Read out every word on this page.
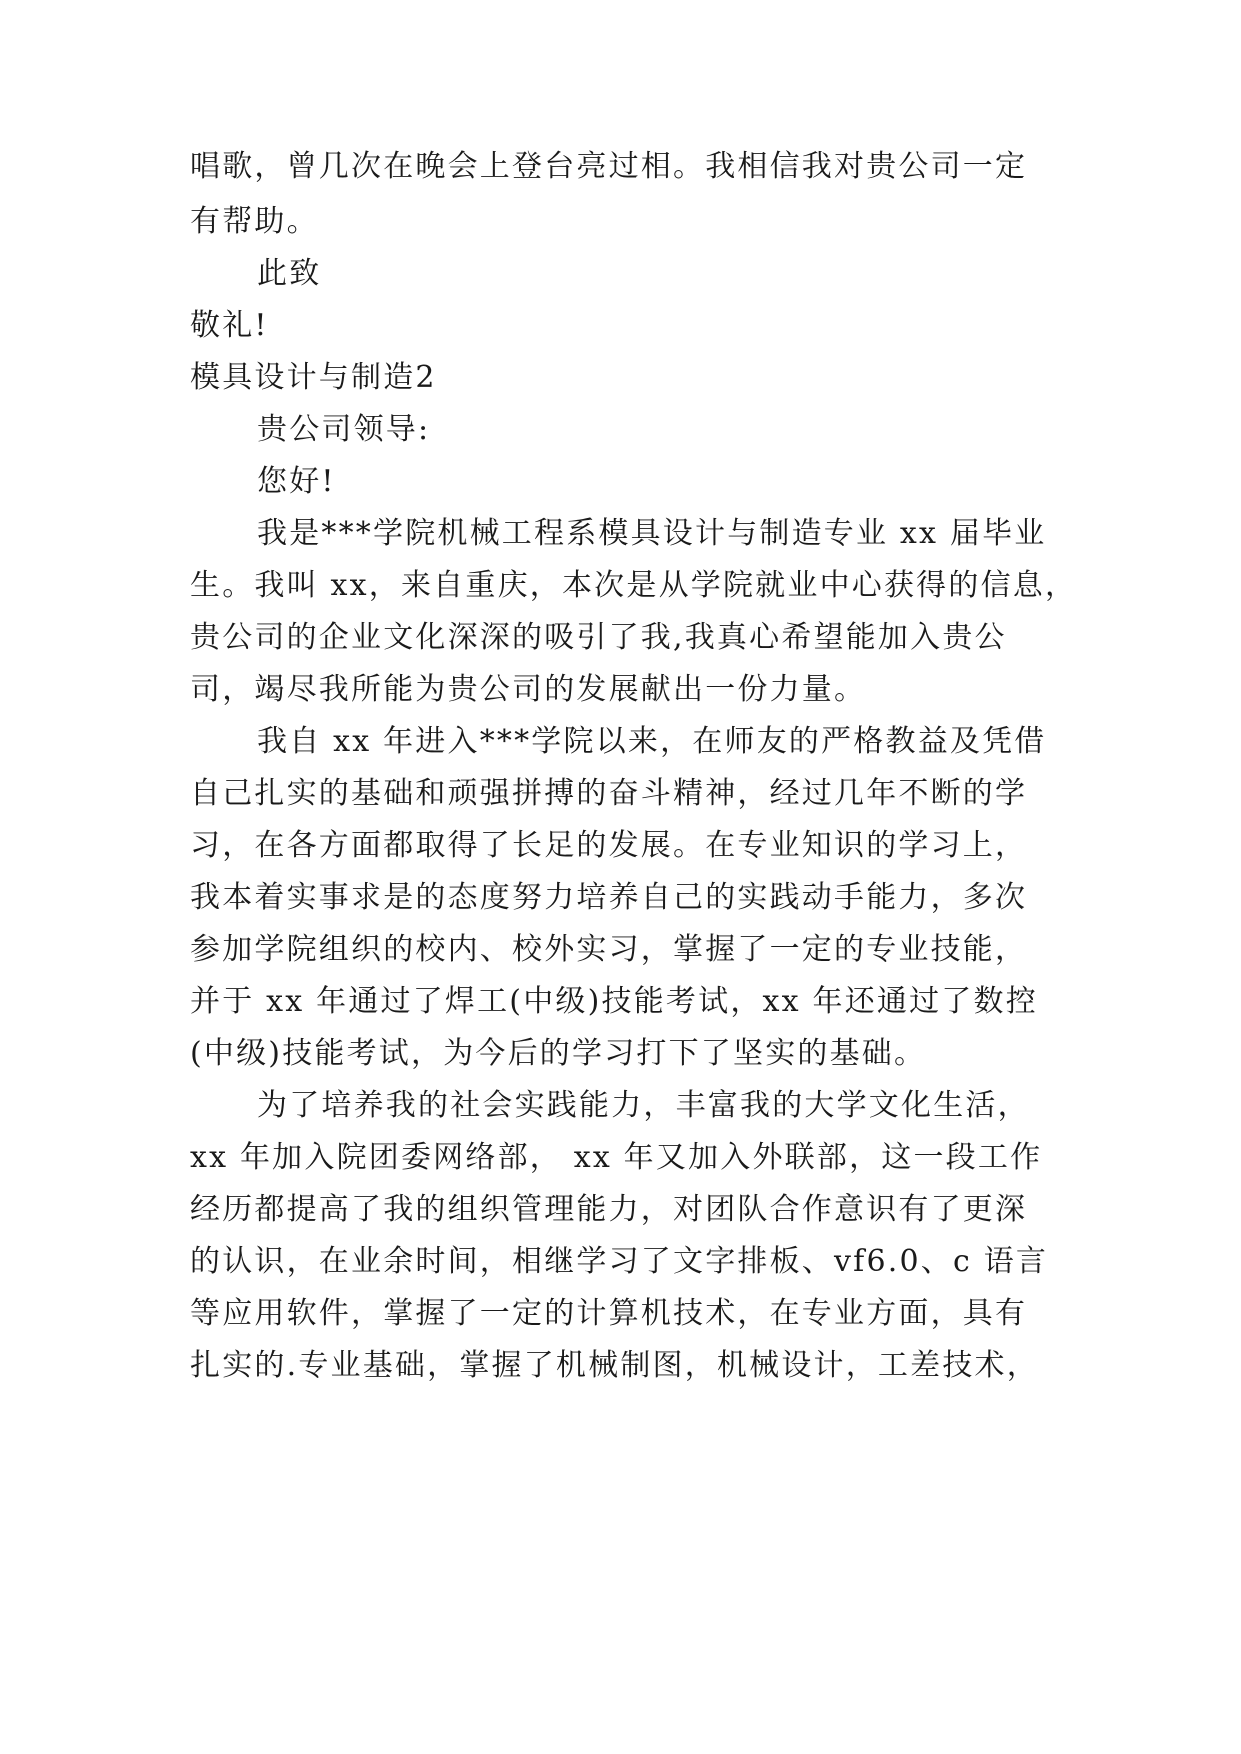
唱歌，曾几次在晚会上登台亮过相。我相信我对贵公司一定
有帮助。
此致
敬礼!
模具设计与制造2
贵公司领导:
您好!
我是***学院机械工程系模具设计与制造专业 xx 届毕业
生。我叫 xx，来自重庆，本次是从学院就业中心获得的信息，
贵公司的企业文化深深的吸引了我,我真心希望能加入贵公
司，竭尽我所能为贵公司的发展献出一份力量。
我自 xx 年进入***学院以来，在师友的严格教益及凭借
自己扎实的基础和顽强拼搏的奋斗精神，经过几年不断的学
习，在各方面都取得了长足的发展。在专业知识的学习上，
我本着实事求是的态度努力培养自己的实践动手能力，多次
参加学院组织的校内、校外实习，掌握了一定的专业技能，
并于 xx 年通过了焊工(中级)技能考试，xx 年还通过了数控
(中级)技能考试，为今后的学习打下了坚实的基础。
为了培养我的社会实践能力，丰富我的大学文化生活，
xx 年加入院团委网络部， xx 年又加入外联部，这一段工作
经历都提高了我的组织管理能力，对团队合作意识有了更深
的认识，在业余时间，相继学习了文字排板、vf6.0、c 语言
等应用软件，掌握了一定的计算机技术，在专业方面，具有
扎实的.专业基础，掌握了机械制图，机械设计，工差技术，
